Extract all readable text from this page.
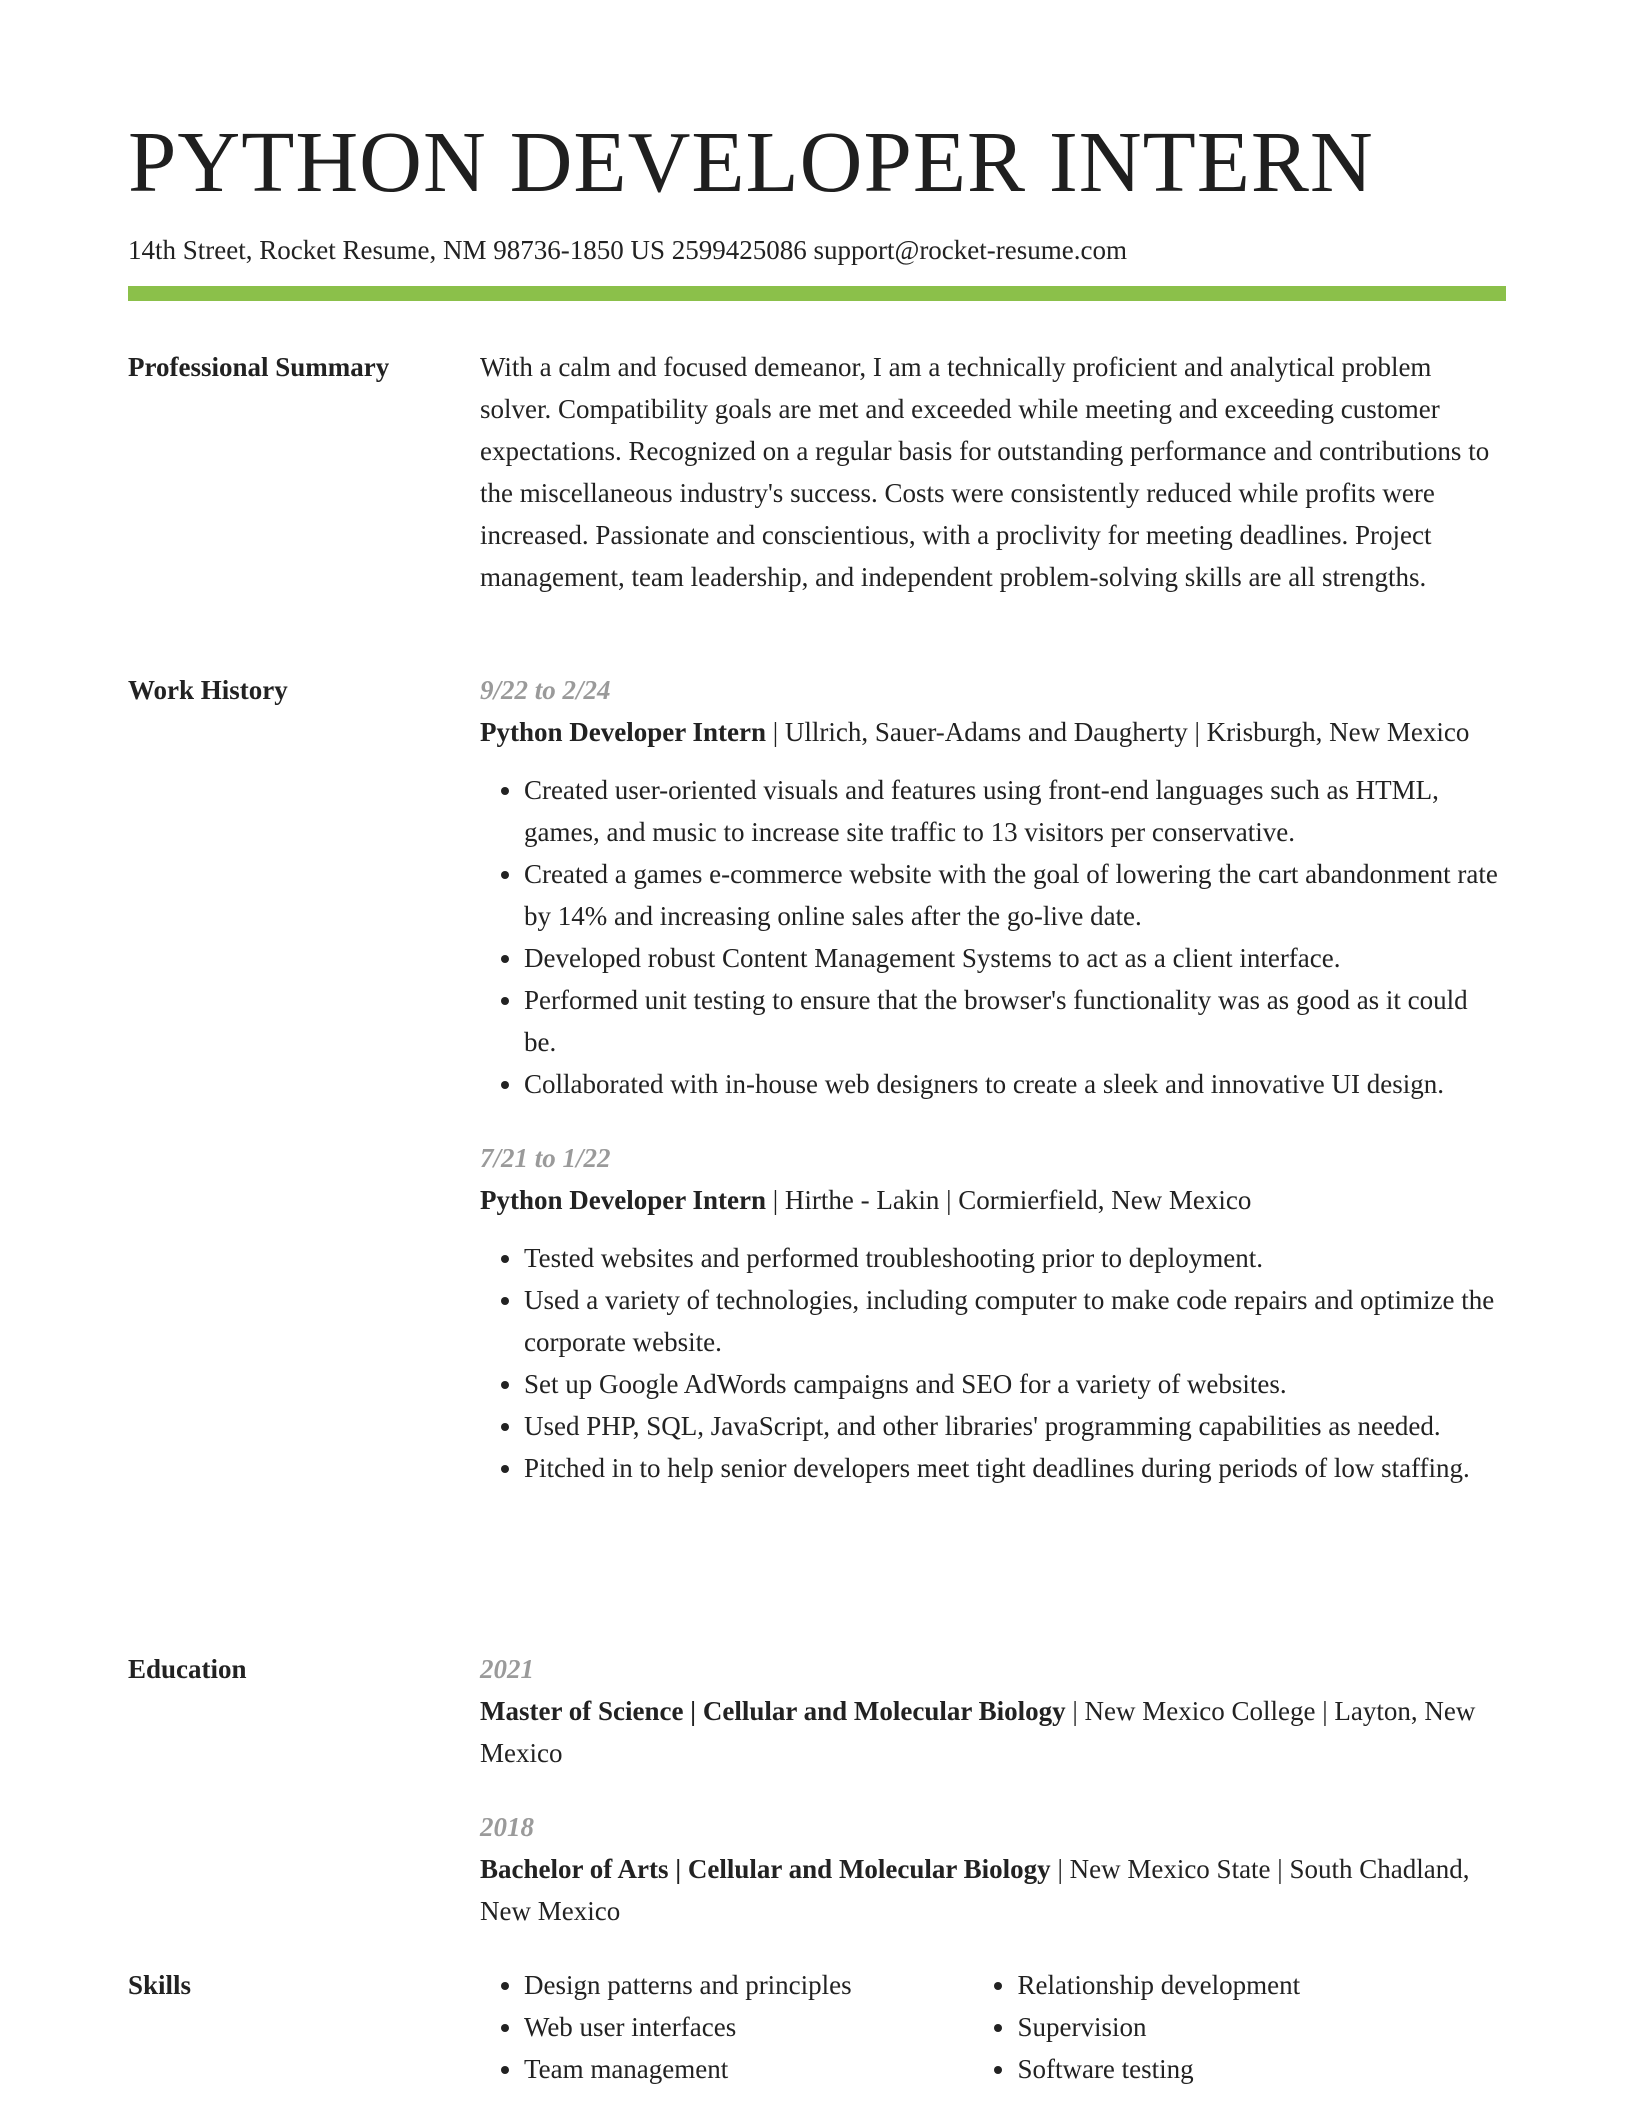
PYTHON DEVELOPER INTERN
14th Street, Rocket Resume, NM 98736-1850 US 2599425086 support@rocket-resume.com
Professional Summary	With a calm and focused demeanor, I am a technically proficient and analytical problem solver. Compatibility goals are met and exceeded while meeting and exceeding customer expectations. Recognized on a regular basis for outstanding performance and contributions to the miscellaneous industry's success. Costs were consistently reduced while profits were increased. Passionate and conscientious, with a proclivity for meeting deadlines. Project management, team leadership, and independent problem-solving skills are all strengths.

Work History	9/22 to 2/24

Python Developer Intern | Ullrich, Sauer-Adams and Daugherty | Krisburgh, New Mexico

• Created user-oriented visuals and features using front-end languages such as HTML, games, and music to increase site traffic to 13 visitors per conservative.
• Created a games e-commerce website with the goal of lowering the cart abandonment rate by 14% and increasing online sales after the go-live date.
• Developed robust Content Management Systems to act as a client interface.
• Performed unit testing to ensure that the browser's functionality was as good as it could be.
• Collaborated with in-house web designers to create a sleek and innovative UI design.
7/21 to 1/22

Python Developer Intern | Hirthe - Lakin | Cormierfield, New Mexico

• Tested websites and performed troubleshooting prior to deployment.
• Used a variety of technologies, including computer to make code repairs and optimize the corporate website.
• Set up Google AdWords campaigns and SEO for a variety of websites.
• Used PHP, SQL, JavaScript, and other libraries' programming capabilities as needed.
• Pitched in to help senior developers meet tight deadlines during periods of low staffing.
Education	2021

Master of Science | Cellular and Molecular Biology | New Mexico College | Layton, New Mexico

2018

Bachelor of Arts | Cellular and Molecular Biology | New Mexico State | South Chadland, New Mexico

Skills
•	Design patterns and principles
• Web user interfaces
• Team management
• Relationship development
• Supervision
• Software testing
